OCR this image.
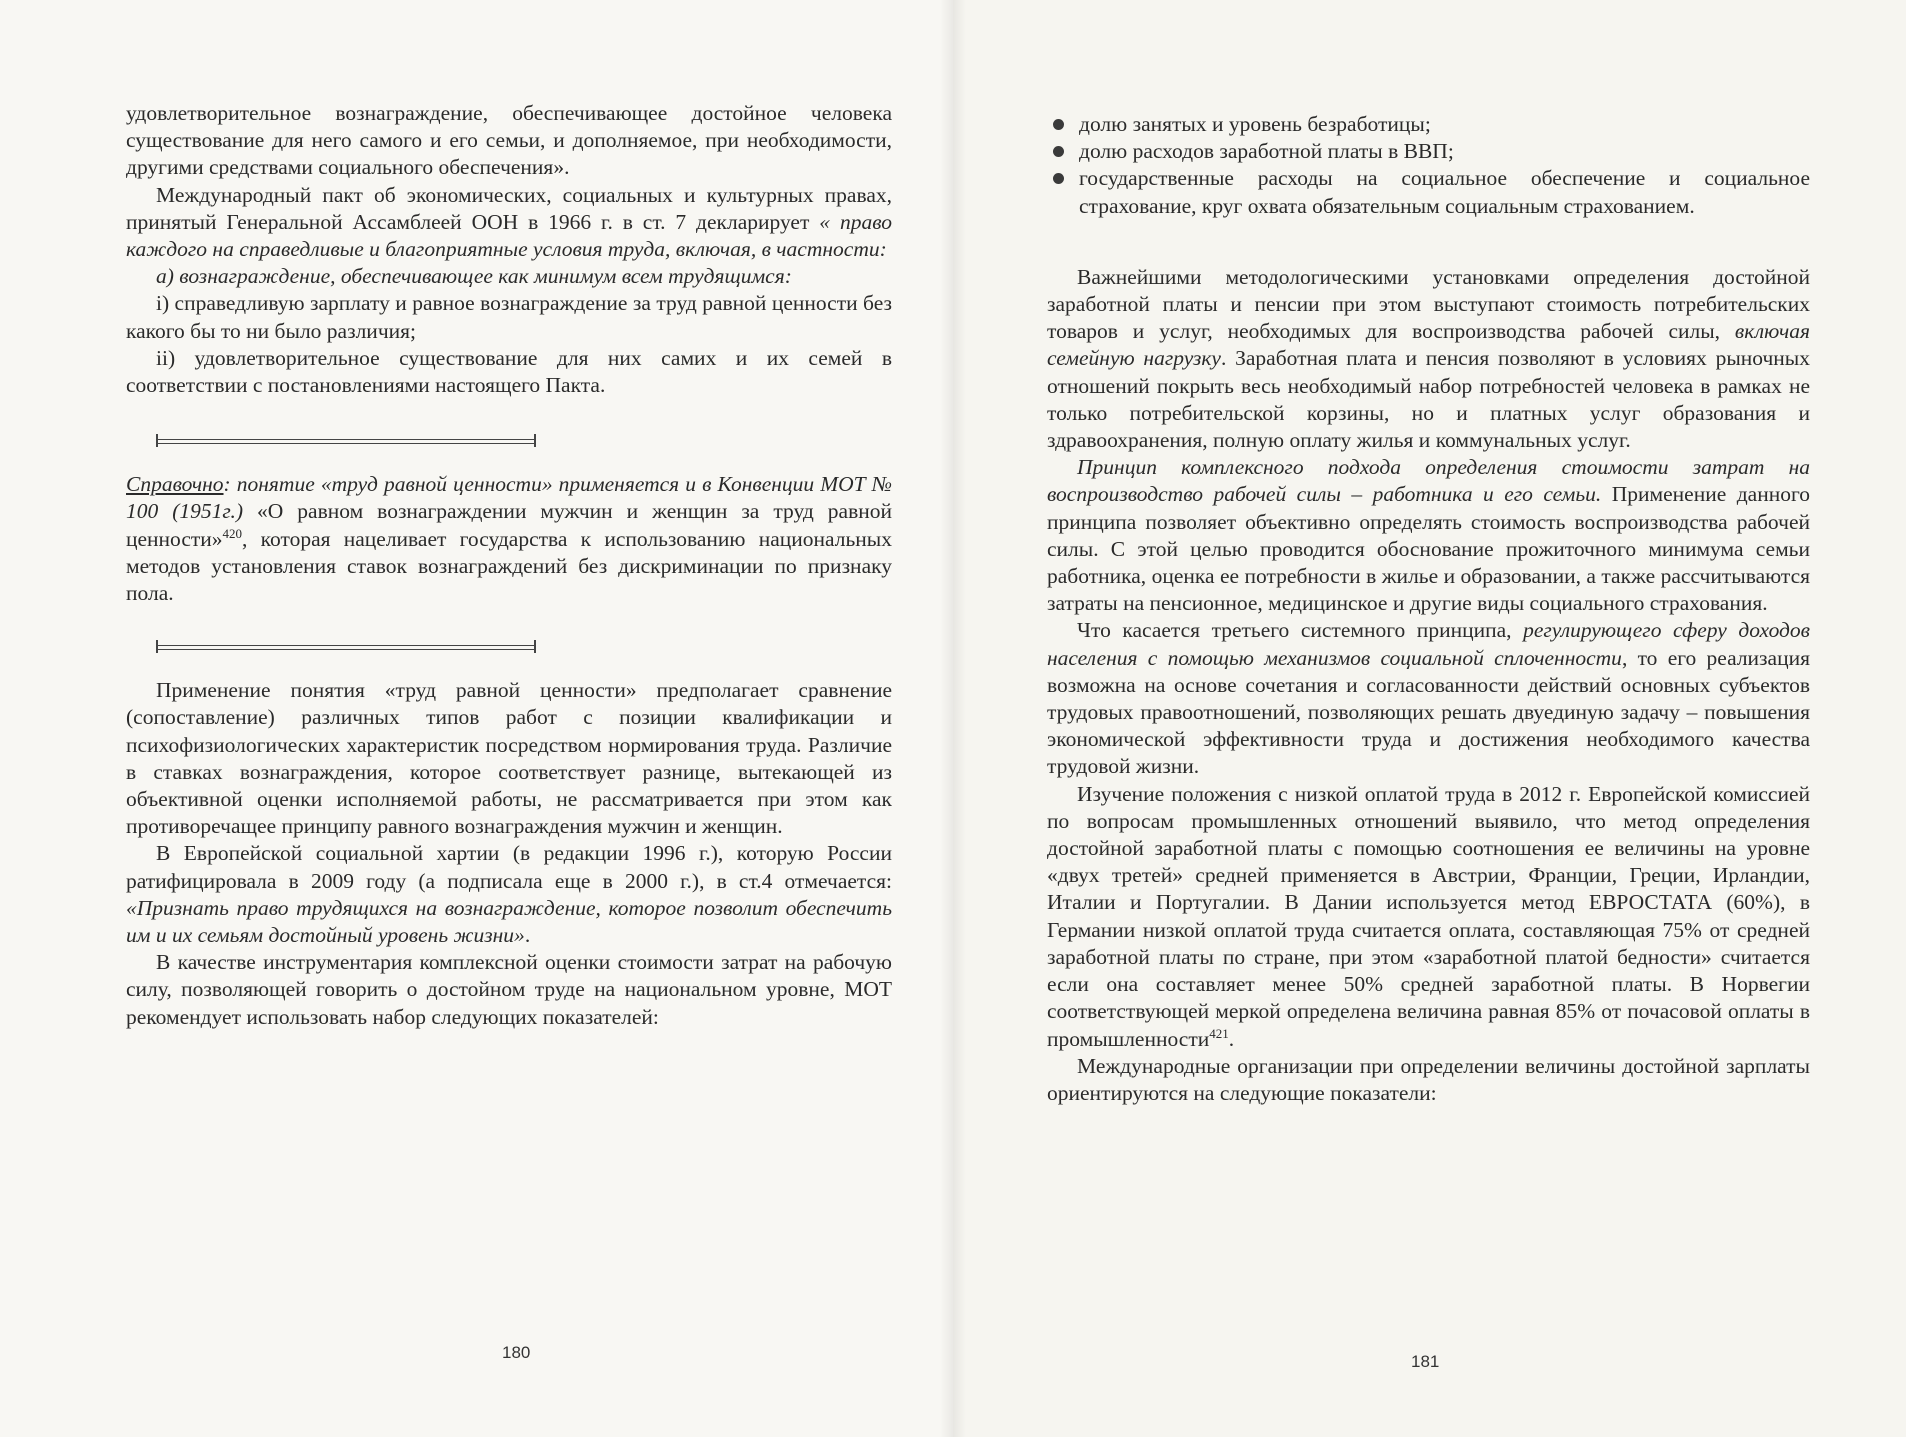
удовлетворительное вознаграждение, обеспечивающее достойное человека существование для него самого и его семьи, и дополняемое, при необходимости, другими средствами социального обеспечения».

Международный пакт об экономических, социальных и культурных правах, принятый Генеральной Ассамблеей ООН в 1966 г. в ст. 7 декларирует « право каждого на справедливые и благоприятные условия труда, включая, в частности:

а) вознаграждение, обеспечивающее как минимум всем трудящимся:

i) справедливую зарплату и равное вознаграждение за труд равной ценности без какого бы то ни было различия;

ii) удовлетворительное существование для них самих и их семей в соответствии с постановлениями настоящего Пакта.

Справочно: понятие «труд равной ценности» применяется и в Конвенции МОТ № 100 (1951г.) «О равном вознаграждении мужчин и женщин за труд равной ценности»$^{420}$, которая нацеливает государства к использованию национальных методов установления ставок вознаграждений без дискриминации по признаку пола.

Применение понятия «труд равной ценности» предполагает сравнение (сопоставление) различных типов работ с позиции квалификации и психофизиологических характеристик посредством нормирования труда. Различие в ставках вознаграждения, которое соответствует разнице, вытекающей из объективной оценки исполняемой работы, не рассматривается при этом как противоречащее принципу равного вознаграждения мужчин и женщин.

В Европейской социальной хартии (в редакции 1996 г.), которую России ратифицировала в 2009 году (а подписала еще в 2000 г.), в ст.4 отмечается: «Признать право трудящихся на вознаграждение, которое позволит обеспечить им и их семьям достойный уровень жизни».

В качестве инструментария комплексной оценки стоимости затрат на рабочую силу, позволяющей говорить о достойном труде на национальном уровне, МОТ рекомендует использовать набор следующих показателей:

180
долю занятых и уровень безработицы;
долю расходов заработной платы в ВВП;
государственные расходы на социальное обеспечение и социальное страхование, круг охвата обязательным социальным страхованием.

Важнейшими методологическими установками определения достойной заработной платы и пенсии при этом выступают стоимость потребительских товаров и услуг, необходимых для воспроизводства рабочей силы, включая семейную нагрузку. Заработная плата и пенсия позволяют в условиях рыночных отношений покрыть весь необходимый набор потребностей человека в рамках не только потребительской корзины, но и платных услуг образования и здравоохранения, полную оплату жилья и коммунальных услуг.

Принцип комплексного подхода определения стоимости затрат на воспроизводство рабочей силы – работника и его семьи. Применение данного принципа позволяет объективно определять стоимость воспроизводства рабочей силы. С этой целью проводится обоснование прожиточного минимума семьи работника, оценка ее потребности в жилье и образовании, а также рассчитываются затраты на пенсионное, медицинское и другие виды социального страхования.

Что касается третьего системного принципа, регулирующего сферу доходов населения с помощью механизмов социальной сплоченности, то его реализация возможна на основе сочетания и согласованности действий основных субъектов трудовых правоотношений, позволяющих решать двуединую задачу – повышения экономической эффективности труда и достижения необходимого качества трудовой жизни.

Изучение положения с низкой оплатой труда в 2012 г. Европейской комиссией по вопросам промышленных отношений выявило, что метод определения достойной заработной платы с помощью соотношения ее величины на уровне «двух третей» средней применяется в Австрии, Франции, Греции, Ирландии, Италии и Португалии. В Дании используется метод ЕВРОСТАТА (60%), в Германии низкой оплатой труда считается оплата, составляющая 75% от средней заработной платы по стране, при этом «заработной платой бедности» считается если она составляет менее 50% средней заработной платы. В Норвегии соответствующей меркой определена величина равная 85% от почасовой оплаты в промышленности$^{421}$.

Международные организации при определении величины достойной зарплаты ориентируются на следующие показатели:

181
